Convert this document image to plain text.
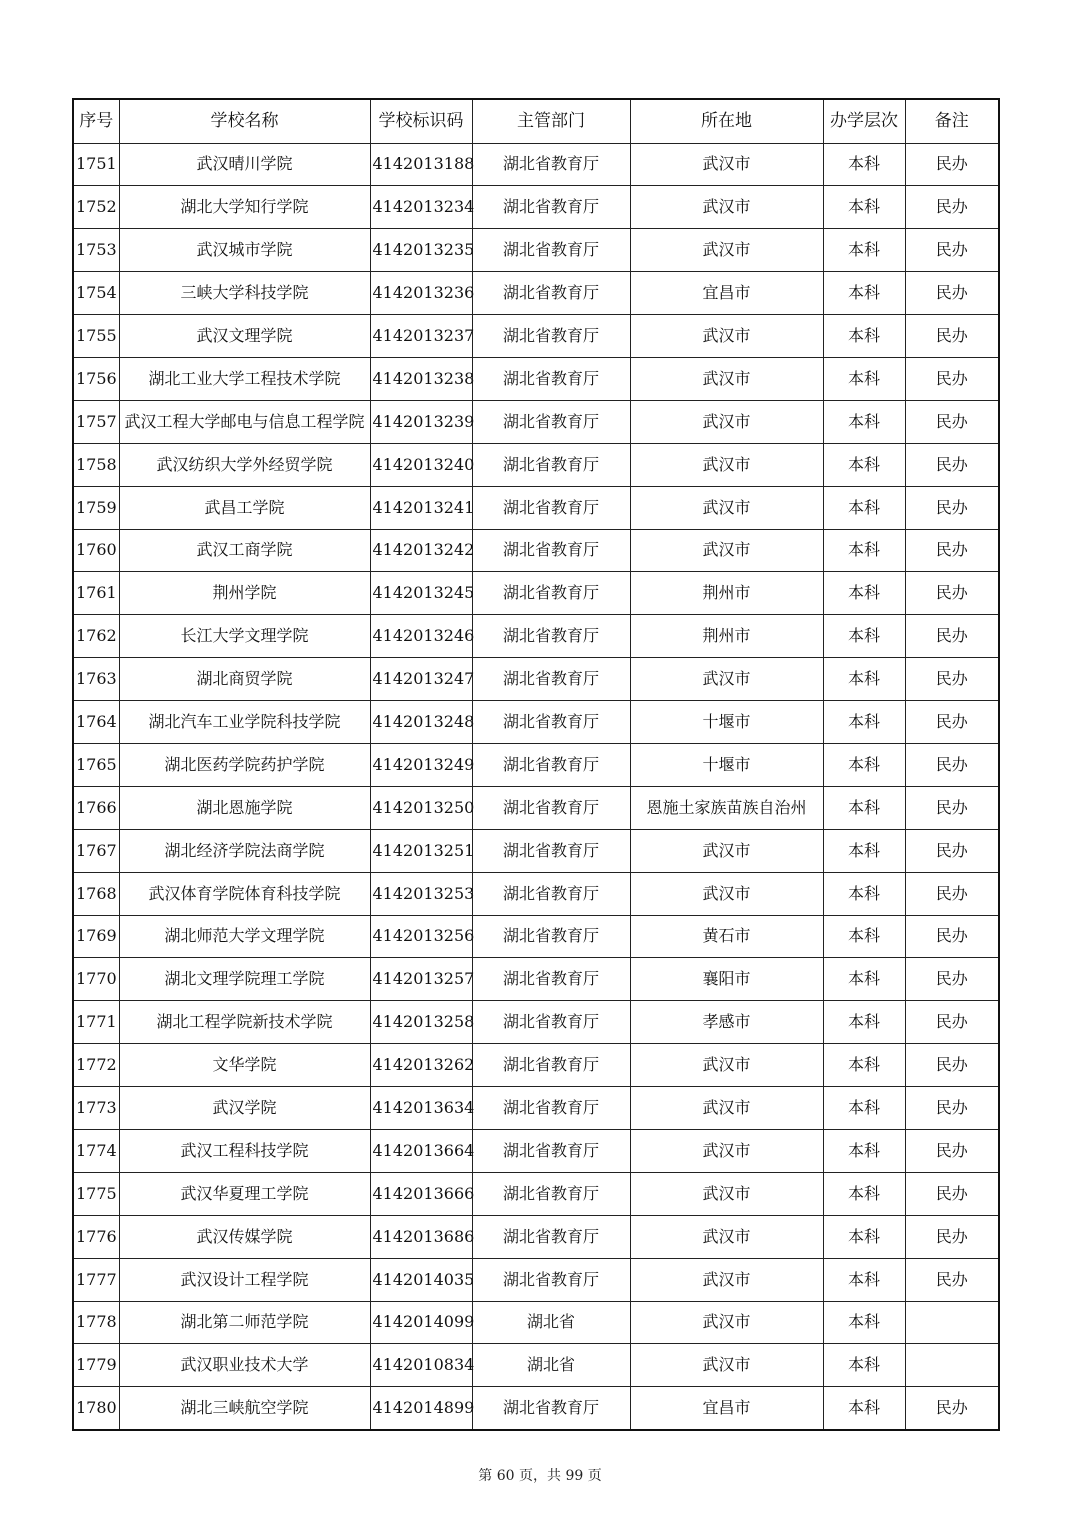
序号	学校名称	学校标识码	主管部门	所在地	办学层次	备注
1751	武汉晴川学院	4142013188	湖北省教育厅	武汉市	本科	民办
1752	湖北大学知行学院	4142013234	湖北省教育厅	武汉市	本科	民办
1753	武汉城市学院	4142013235	湖北省教育厅	武汉市	本科	民办
1754	三峡大学科技学院	4142013236	湖北省教育厅	宜昌市	本科	民办
1755	武汉文理学院	4142013237	湖北省教育厅	武汉市	本科	民办
1756	湖北工业大学工程技术学院	4142013238	湖北省教育厅	武汉市	本科	民办
1757	武汉工程大学邮电与信息工程学院	4142013239	湖北省教育厅	武汉市	本科	民办
1758	武汉纺织大学外经贸学院	4142013240	湖北省教育厅	武汉市	本科	民办
1759	武昌工学院	4142013241	湖北省教育厅	武汉市	本科	民办
1760	武汉工商学院	4142013242	湖北省教育厅	武汉市	本科	民办
1761	荆州学院	4142013245	湖北省教育厅	荆州市	本科	民办
1762	长江大学文理学院	4142013246	湖北省教育厅	荆州市	本科	民办
1763	湖北商贸学院	4142013247	湖北省教育厅	武汉市	本科	民办
1764	湖北汽车工业学院科技学院	4142013248	湖北省教育厅	十堰市	本科	民办
1765	湖北医药学院药护学院	4142013249	湖北省教育厅	十堰市	本科	民办
1766	湖北恩施学院	4142013250	湖北省教育厅	恩施土家族苗族自治州	本科	民办
1767	湖北经济学院法商学院	4142013251	湖北省教育厅	武汉市	本科	民办
1768	武汉体育学院体育科技学院	4142013253	湖北省教育厅	武汉市	本科	民办
1769	湖北师范大学文理学院	4142013256	湖北省教育厅	黄石市	本科	民办
1770	湖北文理学院理工学院	4142013257	湖北省教育厅	襄阳市	本科	民办
1771	湖北工程学院新技术学院	4142013258	湖北省教育厅	孝感市	本科	民办
1772	文华学院	4142013262	湖北省教育厅	武汉市	本科	民办
1773	武汉学院	4142013634	湖北省教育厅	武汉市	本科	民办
1774	武汉工程科技学院	4142013664	湖北省教育厅	武汉市	本科	民办
1775	武汉华夏理工学院	4142013666	湖北省教育厅	武汉市	本科	民办
1776	武汉传媒学院	4142013686	湖北省教育厅	武汉市	本科	民办
1777	武汉设计工程学院	4142014035	湖北省教育厅	武汉市	本科	民办
1778	湖北第二师范学院	4142014099	湖北省	武汉市	本科	
1779	武汉职业技术大学	4142010834	湖北省	武汉市	本科	
1780	湖北三峡航空学院	4142014899	湖北省教育厅	宜昌市	本科	民办
第 60 页，共 99 页
